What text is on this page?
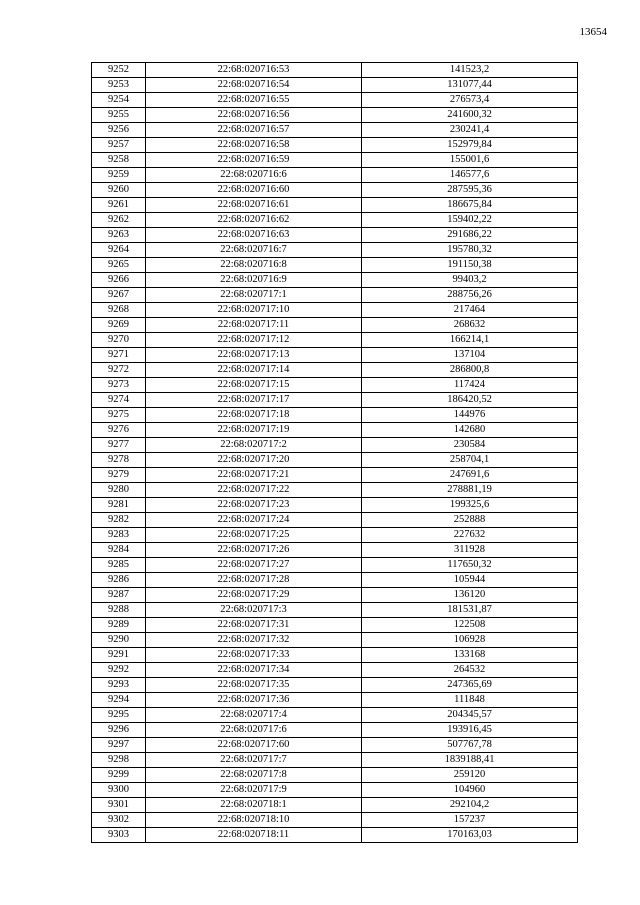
13654
9252	22:68:020716:53	141523,2
9253	22:68:020716:54	131077,44
9254	22:68:020716:55	276573,4
9255	22:68:020716:56	241600,32
9256	22:68:020716:57	230241,4
9257	22:68:020716:58	152979,84
9258	22:68:020716:59	155001,6
9259	22:68:020716:6	146577,6
9260	22:68:020716:60	287595,36
9261	22:68:020716:61	186675,84
9262	22:68:020716:62	159402,22
9263	22:68:020716:63	291686,22
9264	22:68:020716:7	195780,32
9265	22:68:020716:8	191150,38
9266	22:68:020716:9	99403,2
9267	22:68:020717:1	288756,26
9268	22:68:020717:10	217464
9269	22:68:020717:11	268632
9270	22:68:020717:12	166214,1
9271	22:68:020717:13	137104
9272	22:68:020717:14	286800,8
9273	22:68:020717:15	117424
9274	22:68:020717:17	186420,52
9275	22:68:020717:18	144976
9276	22:68:020717:19	142680
9277	22:68:020717:2	230584
9278	22:68:020717:20	258704,1
9279	22:68:020717:21	247691,6
9280	22:68:020717:22	278881,19
9281	22:68:020717:23	199325,6
9282	22:68:020717:24	252888
9283	22:68:020717:25	227632
9284	22:68:020717:26	311928
9285	22:68:020717:27	117650,32
9286	22:68:020717:28	105944
9287	22:68:020717:29	136120
9288	22:68:020717:3	181531,87
9289	22:68:020717:31	122508
9290	22:68:020717:32	106928
9291	22:68:020717:33	133168
9292	22:68:020717:34	264532
9293	22:68:020717:35	247365,69
9294	22:68:020717:36	111848
9295	22:68:020717:4	204345,57
9296	22:68:020717:6	193916,45
9297	22:68:020717:60	507767,78
9298	22:68:020717:7	1839188,41
9299	22:68:020717:8	259120
9300	22:68:020717:9	104960
9301	22:68:020718:1	292104,2
9302	22:68:020718:10	157237
9303	22:68:020718:11	170163,03
